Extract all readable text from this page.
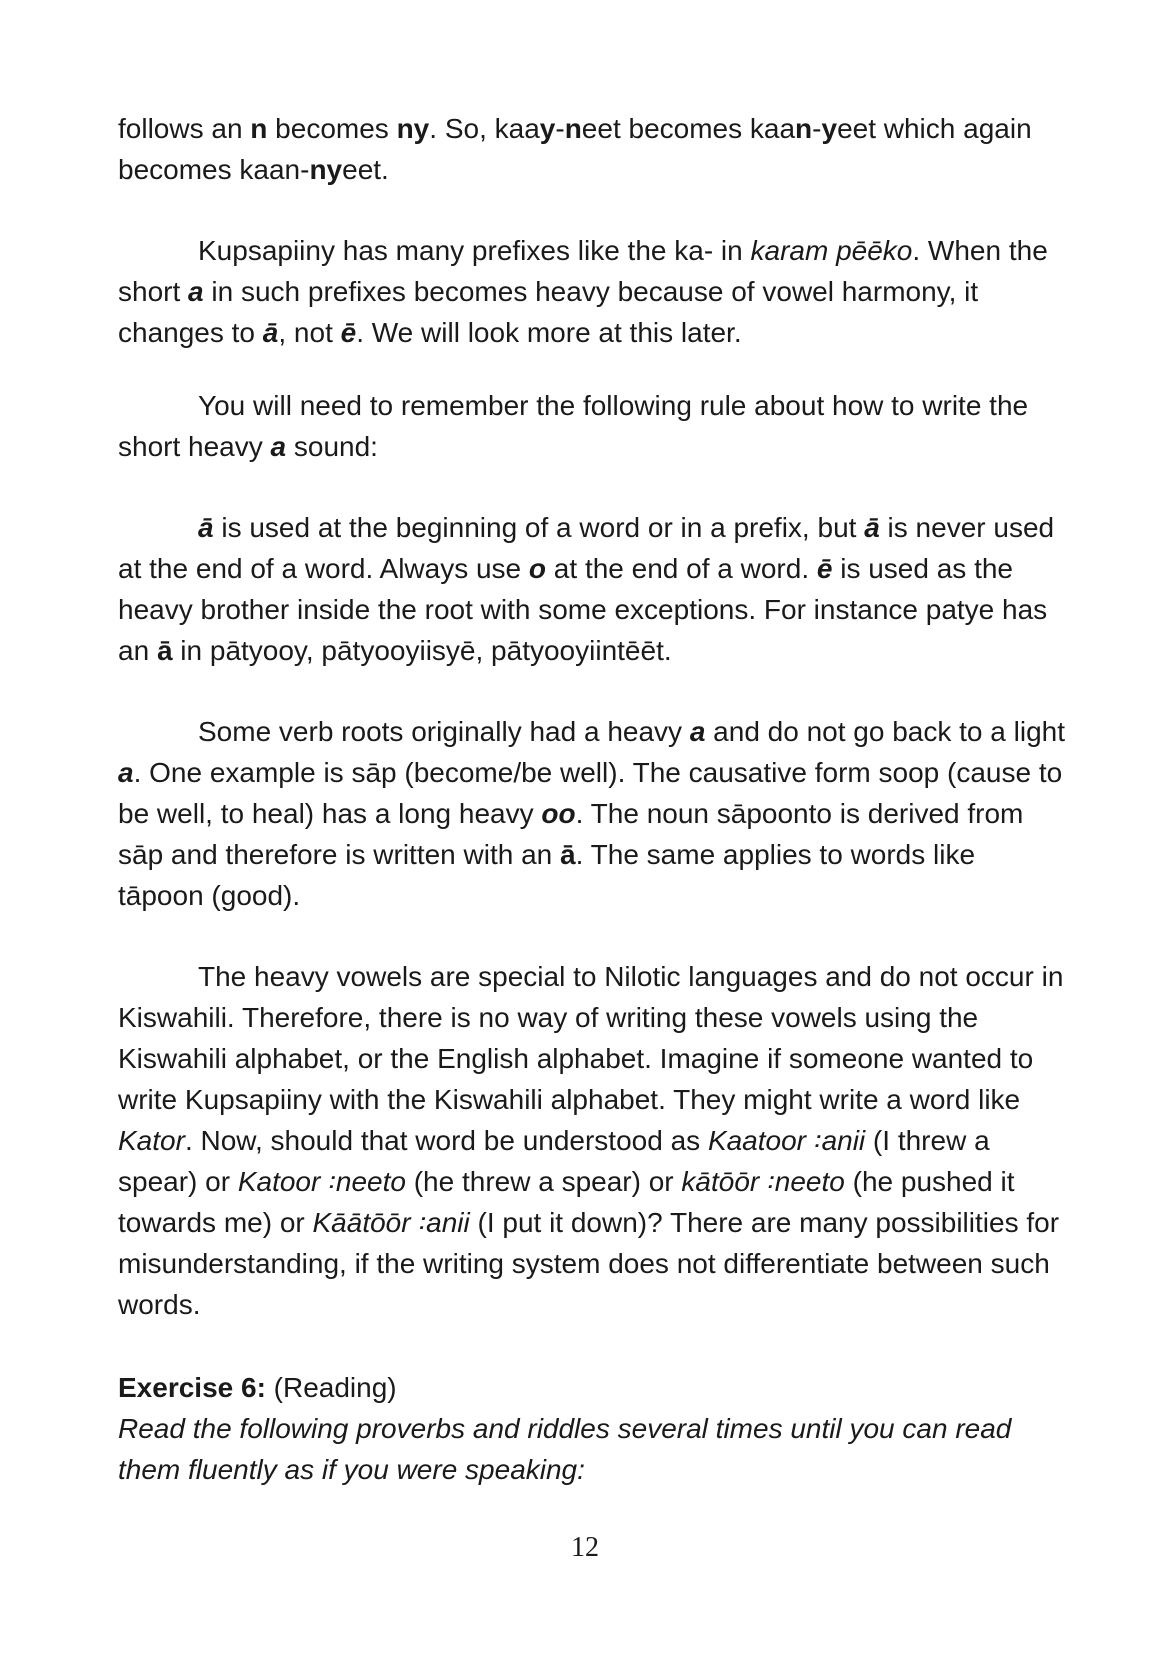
follows an n becomes ny. So, kaay-neet becomes kaan-yeet which again becomes kaan-nyeet.

Kupsapiiny has many prefixes like the ka- in karam pēēko. When the short a in such prefixes becomes heavy because of vowel harmony, it changes to ā, not ē. We will look more at this later.

You will need to remember the following rule about how to write the short heavy a sound:

ā is used at the beginning of a word or in a prefix, but ā is never used at the end of a word. Always use o at the end of a word. ē is used as the heavy brother inside the root with some exceptions. For instance patye has an ā in pātyooy, pātyooyiisyē, pātyooyiintēēt.

Some verb roots originally had a heavy a and do not go back to a light a. One example is sāp (become/be well). The causative form soop (cause to be well, to heal) has a long heavy oo. The noun sāpoonto is derived from sāp and therefore is written with an ā. The same applies to words like tāpoon (good).

The heavy vowels are special to Nilotic languages and do not occur in Kiswahili. Therefore, there is no way of writing these vowels using the Kiswahili alphabet, or the English alphabet. Imagine if someone wanted to write Kupsapiiny with the Kiswahili alphabet. They might write a word like Kator. Now, should that word be understood as Kaatoor ꞉anii (I threw a spear) or Katoor ꞉neeto (he threw a spear) or kātōōr ꞉neeto (he pushed it towards me) or Kāātōōr ꞉anii (I put it down)? There are many possibilities for misunderstanding, if the writing system does not differentiate between such words.

Exercise 6: (Reading)

Read the following proverbs and riddles several times until you can read them fluently as if you were speaking:

12
